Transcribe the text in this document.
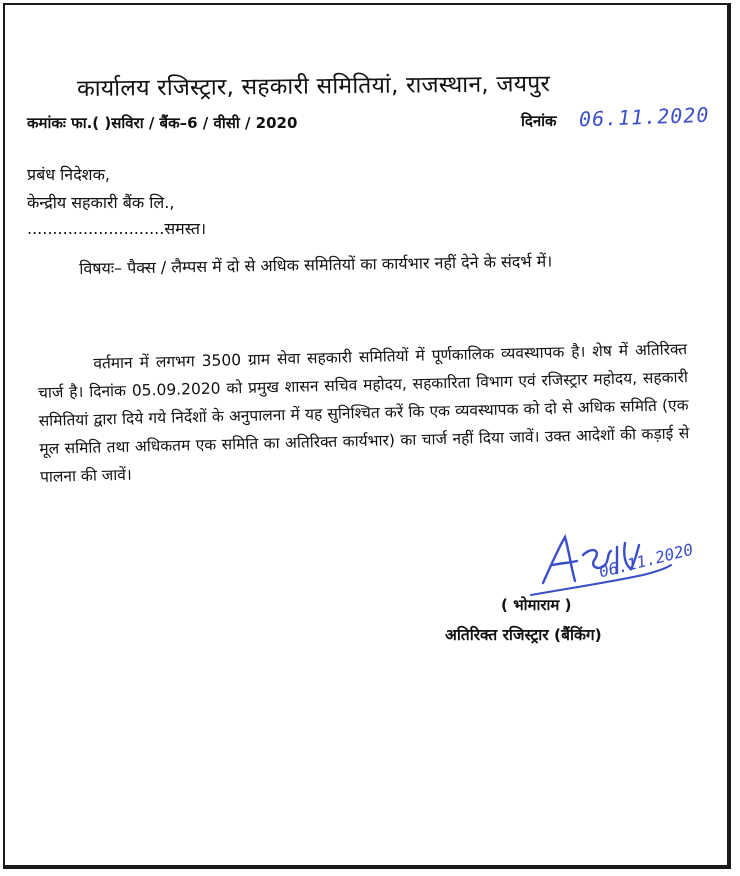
कार्यालय रजिस्ट्रार, सहकारी समितियां, राजस्थान, जयपुर
कमांकः फा.( )सविरा / बैंक–6 / वीसी / 2020	दिनांक 06.11.2020
प्रबंध निदेशक,
केन्द्रीय सहकारी बैंक लि.,
...........................समस्त।
विषयः– पैक्स / लैम्पस में दो से अधिक समितियों का कार्यभार नहीं देने के संदर्भ में।
वर्तमान में लगभग 3500 ग्राम सेवा सहकारी समितियों में पूर्णकालिक व्यवस्थापक है। शेष में अतिरिक्त चार्ज है। दिनांक 05.09.2020 को प्रमुख शासन सचिव महोदय, सहकारिता विभाग एवं रजिस्ट्रार महोदय, सहकारी समितियां द्वारा दिये गये निर्देशों के अनुपालना में यह सुनिश्चित करें कि एक व्यवस्थापक को दो से अधिक समिति (एक मूल समिति तथा अधिकतम एक समिति का अतिरिक्त कार्यभार) का चार्ज नहीं दिया जावें। उक्त आदेशों की कड़ाई से पालना की जावें।
06.11.2020
( भोमाराम )
अतिरिक्त रजिस्ट्रार (बैंकिंग)
